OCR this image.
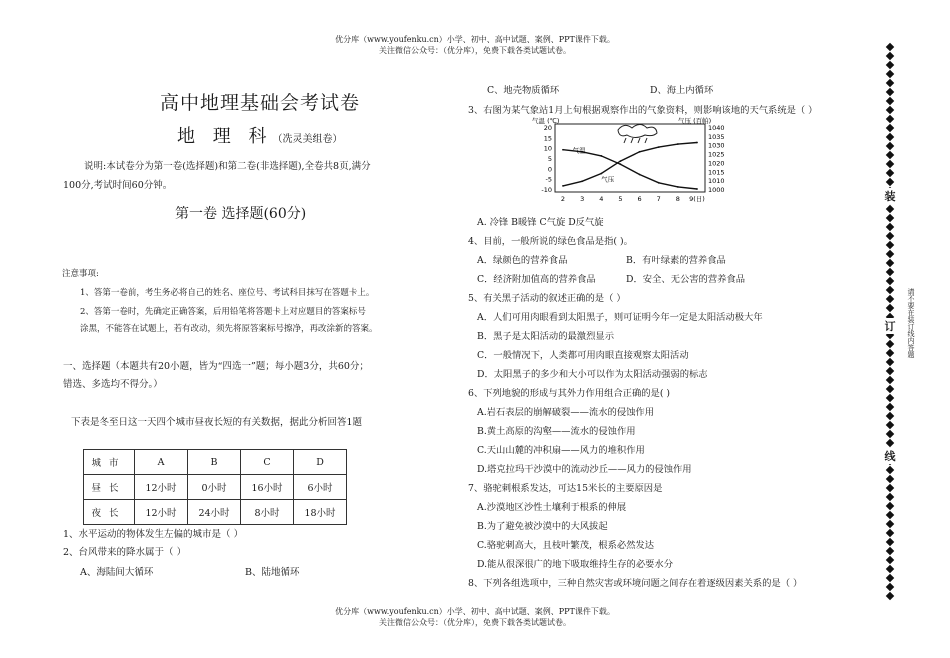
优分库（www.youfenku.cn）小学、初中、高中试题、案例、PPT课件下载。
关注微信公众号：（优分库），免费下载各类试题试卷。
高中地理基础会考试卷
地 理 科（冼灵美组卷）
说明:本试卷分为第一卷(选择题)和第二卷(非选择题),全卷共8页,满分
100分,考试时间60分钟。
第一卷 选择题(60分)
注意事项:
1、答第一卷前，考生务必将自己的姓名、座位号、考试科目抹写在答题卡上。
2、答第一卷时，先确定正确答案，后用铅笔将答题卡上对应题目的答案标号
涂黑，不能答在试题上，若有改动，须先将原答案标号擦净，再改涂新的答案。
一、选择题（本题共有20小题，皆为“四选一”题；每小题3分，共60分；
错选、多选均不得分。）
下表是冬至日这一天四个城市昼夜长短的有关数据，据此分析回答1题
城市	A	B	C	D
昼长	12小时	0小时	16小时	6小时
夜长	12小时	24小时	8小时	18小时
1、水平运动的物体发生左偏的城市是（ ）
2、台风带来的降水属于（ ）
A、海陆间大循环	B、陆地循环
C、地壳物质循环	D、海上内循环
3、右图为某气象站1月上旬根据观察作出的气象资料，则影响该地的天气系统是（ ）
20
15
10
5
0
-5
-10
1040
1035
1030
1025
1020
1015
1010
1000
2 3 4 5 6 7 8 9(日)
气温
气压
气温 (℃)	气压 (百帕)
A. 冷锋 B暖锋 C气旋 D反气旋
4、目前，一般所说的绿色食品是指( )。
A．绿颜色的营养食品	B．有叶绿素的营养食品
C．经济附加值高的营养食品	D．安全、无公害的营养食品
5、有关黑子活动的叙述正确的是（ ）
A．人们可用肉眼看到太阳黑子，则可证明今年一定是太阳活动极大年
B．黑子是太阳活动的最激烈显示
C．一般情况下，人类都可用肉眼直接观察太阳活动
D．太阳黑子的多少和大小可以作为太阳活动强弱的标志
6、下列地貌的形成与其外力作用组合正确的是( )
A.岩石表层的崩解破裂——流水的侵蚀作用
B.黄土高原的沟壑——流水的侵蚀作用
C.天山山麓的冲积扇——风力的堆积作用
D.塔克拉玛干沙漠中的流动沙丘——风力的侵蚀作用
7、骆驼刺根系发达，可达15米长的主要原因是
A.沙漠地区沙性土壤利于根系的伸展
B.为了避免被沙漠中的大风拔起
C.骆驼刺高大，且枝叶繁茂，根系必然发达
D.能从很深很广的地下吸取维持生存的必要水分
8、下列各组选项中，三种自然灾害或环境问题之间存在着逐级因素关系的是（ ）
装
订
线
请不要在装订线内答题
优分库（www.youfenku.cn）小学、初中、高中试题、案例、PPT课件下载。
关注微信公众号：（优分库），免费下载各类试题试卷。
